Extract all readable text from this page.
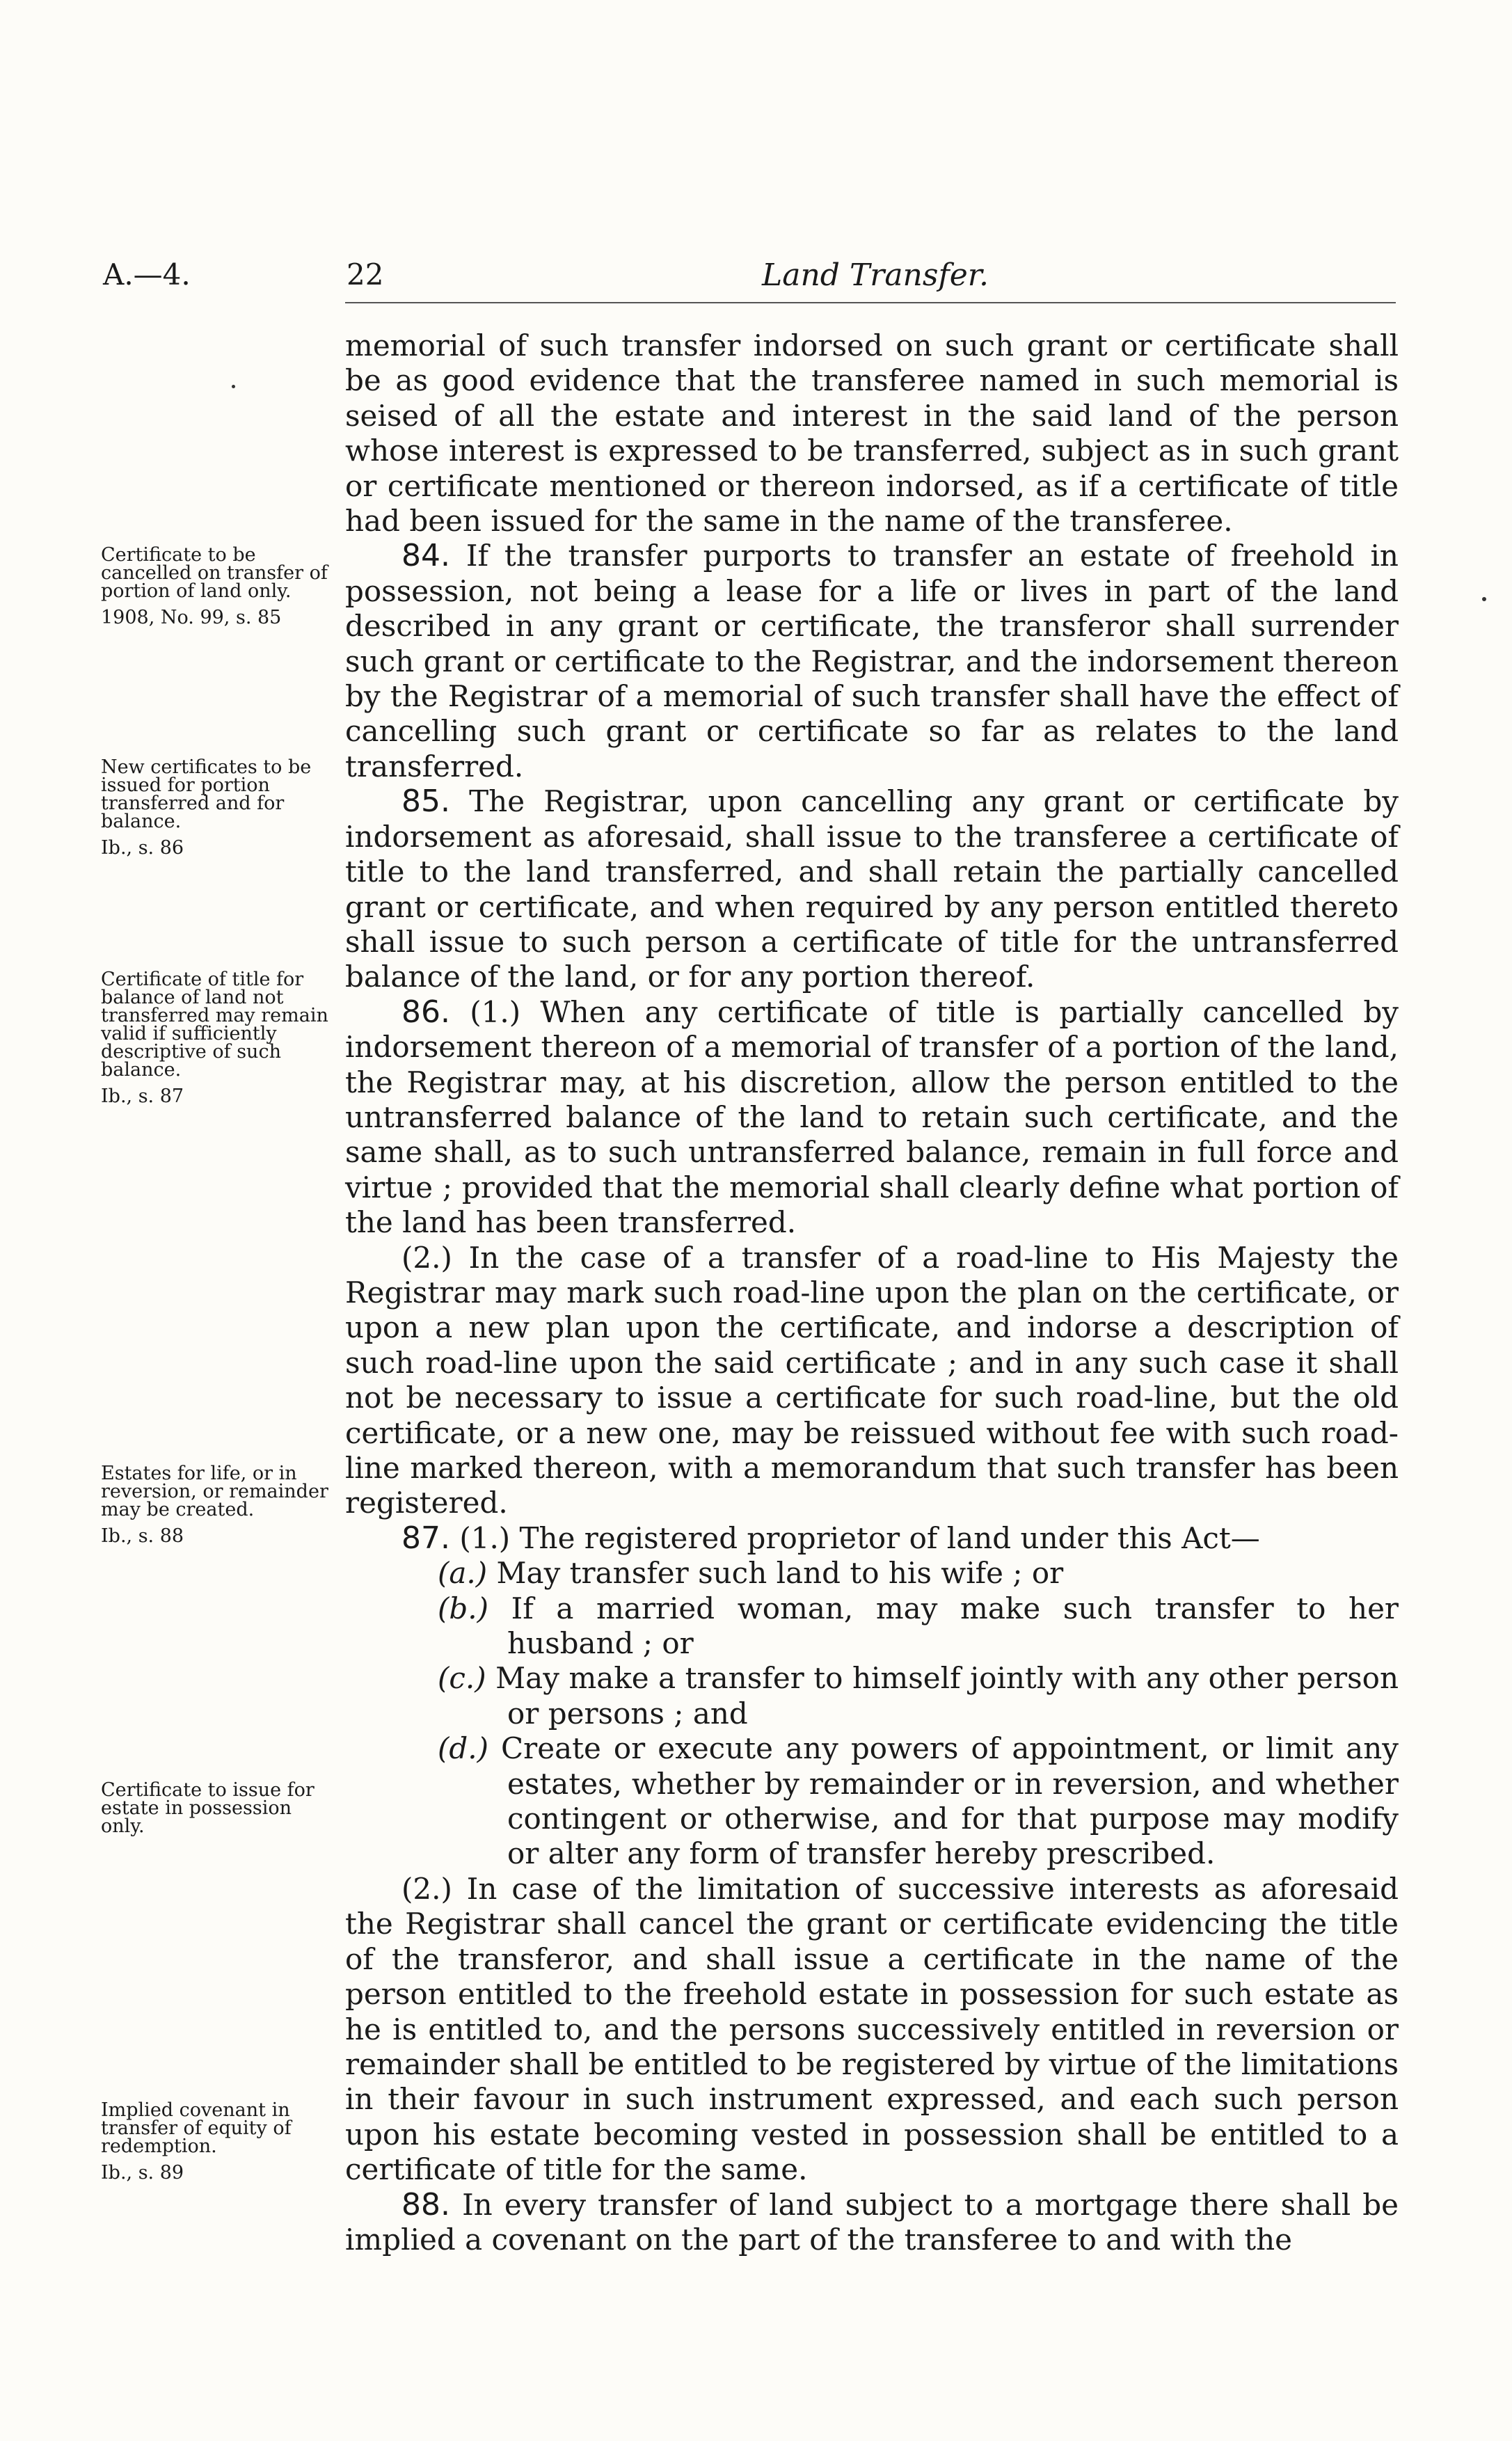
A.—4.	22	Land Transfer.

Certificate to be cancelled on transfer of portion of land only.

1908, No. 99, s. 85

New certificates to be issued for portion transferred and for balance.

Ib., s. 86

Certificate of title for balance of land not transferred may remain valid if sufficiently descriptive of such balance.

Ib., s. 87

Estates for life, or in reversion, or remainder may be created.

Ib., s. 88

Certificate to issue for estate in possession only.

Implied covenant in transfer of equity of redemption.

Ib., s. 89

memorial of such transfer indorsed on such grant or certificate shall be as good evidence that the transferee named in such memorial is seised of all the estate and interest in the said land of the person whose interest is expressed to be transferred, subject as in such grant or certificate mentioned or thereon indorsed, as if a certificate of title had been issued for the same in the name of the transferee.

84. If the transfer purports to transfer an estate of freehold in possession, not being a lease for a life or lives in part of the land described in any grant or certificate, the transferor shall surrender such grant or certificate to the Registrar, and the indorsement thereon by the Registrar of a memorial of such transfer shall have the effect of cancelling such grant or certificate so far as relates to the land transferred.

85. The Registrar, upon cancelling any grant or certificate by indorsement as aforesaid, shall issue to the transferee a certificate of title to the land transferred, and shall retain the partially cancelled grant or certificate, and when required by any person entitled thereto shall issue to such person a certificate of title for the untransferred balance of the land, or for any portion thereof.

86. (1.) When any certificate of title is partially cancelled by indorsement thereon of a memorial of transfer of a portion of the land, the Registrar may, at his discretion, allow the person entitled to the untransferred balance of the land to retain such certificate, and the same shall, as to such untransferred balance, remain in full force and virtue ; provided that the memorial shall clearly define what portion of the land has been transferred.

(2.) In the case of a transfer of a road-line to His Majesty the Registrar may mark such road-line upon the plan on the certificate, or upon a new plan upon the certificate, and indorse a description of such road-line upon the said certificate ; and in any such case it shall not be necessary to issue a certificate for such road-line, but the old certificate, or a new one, may be reissued without fee with such road-line marked thereon, with a memorandum that such transfer has been registered.

87. (1.) The registered proprietor of land under this Act—

(a.) May transfer such land to his wife ; or

(b.) If a married woman, may make such transfer to her husband ; or

(c.) May make a transfer to himself jointly with any other person or persons ; and

(d.) Create or execute any powers of appointment, or limit any estates, whether by remainder or in reversion, and whether contingent or otherwise, and for that purpose may modify or alter any form of transfer hereby prescribed.

(2.) In case of the limitation of successive interests as aforesaid the Registrar shall cancel the grant or certificate evidencing the title of the transferor, and shall issue a certificate in the name of the person entitled to the freehold estate in possession for such estate as he is entitled to, and the persons successively entitled in reversion or remainder shall be entitled to be registered by virtue of the limitations in their favour in such instrument expressed, and each such person upon his estate becoming vested in possession shall be entitled to a certificate of title for the same.

88. In every transfer of land subject to a mortgage there shall be implied a covenant on the part of the transferee to and with the
